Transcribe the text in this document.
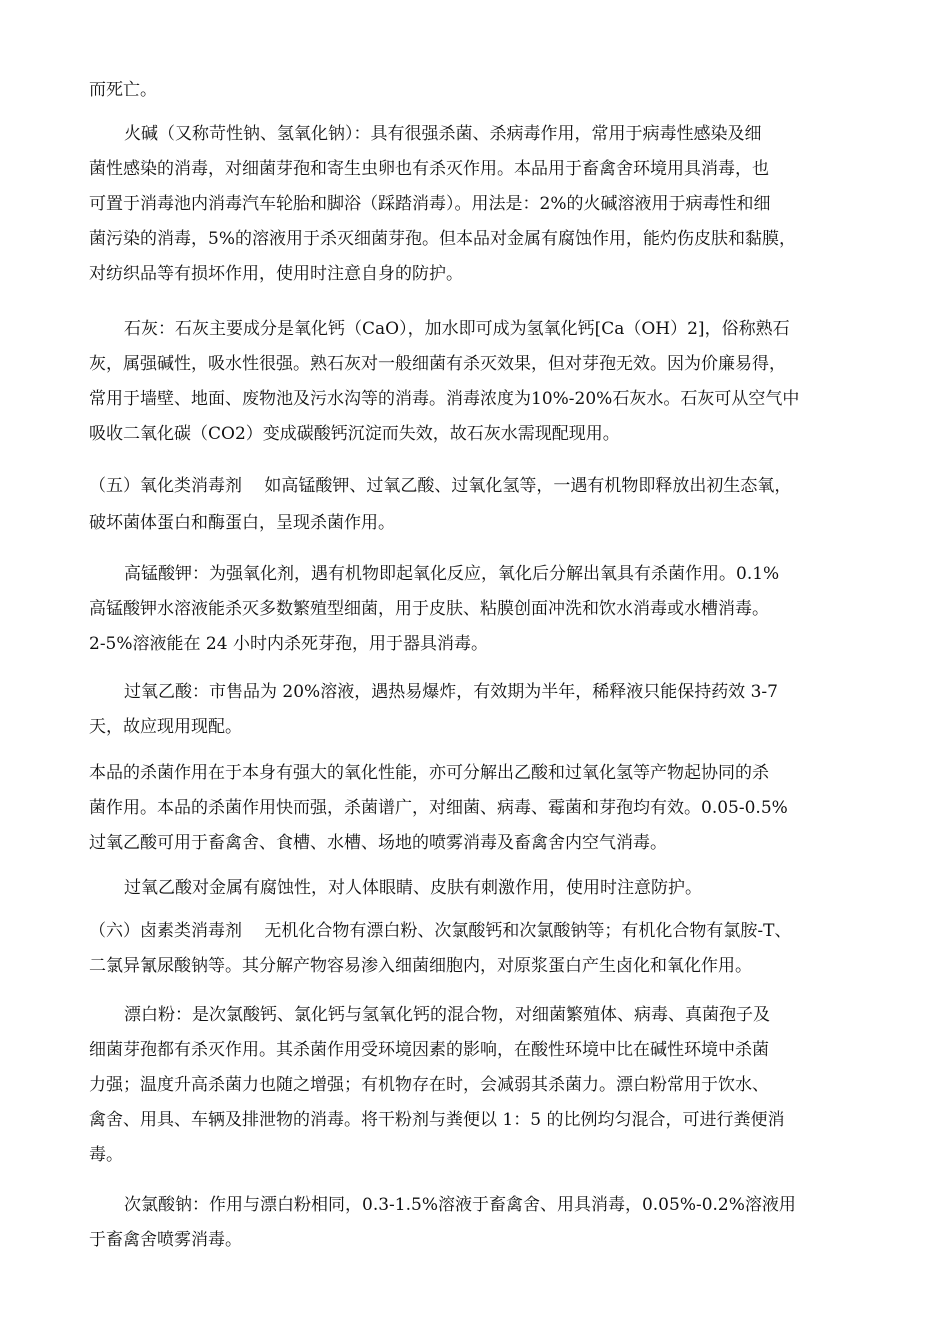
而死亡。
火碱（又称苛性钠、氢氧化钠）：具有很强杀菌、杀病毒作用，常用于病毒性感染及细
菌性感染的消毒，对细菌芽孢和寄生虫卵也有杀灭作用。本品用于畜禽舍环境用具消毒，也
可置于消毒池内消毒汽车轮胎和脚浴（踩踏消毒）。用法是：2%的火碱溶液用于病毒性和细
菌污染的消毒，5%的溶液用于杀灭细菌芽孢。但本品对金属有腐蚀作用，能灼伤皮肤和黏膜，
对纺织品等有损坏作用，使用时注意自身的防护。
石灰：石灰主要成分是氧化钙（CaO），加水即可成为氢氧化钙[Ca（OH）2]，俗称熟石
灰，属强碱性，吸水性很强。熟石灰对一般细菌有杀灭效果，但对芽孢无效。因为价廉易得，
常用于墙壁、地面、废物池及污水沟等的消毒。消毒浓度为10%-20%石灰水。石灰可从空气中
吸收二氧化碳（CO2）变成碳酸钙沉淀而失效，故石灰水需现配现用。
（五）氧化类消毒剂　 如高锰酸钾、过氧乙酸、过氧化氢等，一遇有机物即释放出初生态氧，
破坏菌体蛋白和酶蛋白，呈现杀菌作用。
高锰酸钾：为强氧化剂，遇有机物即起氧化反应，氧化后分解出氧具有杀菌作用。0.1%
高锰酸钾水溶液能杀灭多数繁殖型细菌，用于皮肤、粘膜创面冲洗和饮水消毒或水槽消毒。
2-5%溶液能在 24 小时内杀死芽孢，用于器具消毒。
过氧乙酸：市售品为 20%溶液，遇热易爆炸，有效期为半年，稀释液只能保持药效 3-7
天，故应现用现配。
本品的杀菌作用在于本身有强大的氧化性能，亦可分解出乙酸和过氧化氢等产物起协同的杀
菌作用。本品的杀菌作用快而强，杀菌谱广，对细菌、病毒、霉菌和芽孢均有效。0.05-0.5%
过氧乙酸可用于畜禽舍、食槽、水槽、场地的喷雾消毒及畜禽舍内空气消毒。
过氧乙酸对金属有腐蚀性，对人体眼睛、皮肤有刺激作用，使用时注意防护。
（六）卤素类消毒剂　 无机化合物有漂白粉、次氯酸钙和次氯酸钠等；有机化合物有氯胺-T、
二氯异氰尿酸钠等。其分解产物容易渗入细菌细胞内，对原浆蛋白产生卤化和氧化作用。
漂白粉：是次氯酸钙、氯化钙与氢氧化钙的混合物，对细菌繁殖体、病毒、真菌孢子及
细菌芽孢都有杀灭作用。其杀菌作用受环境因素的影响，在酸性环境中比在碱性环境中杀菌
力强；温度升高杀菌力也随之增强；有机物存在时，会减弱其杀菌力。漂白粉常用于饮水、
禽舍、用具、车辆及排泄物的消毒。将干粉剂与粪便以 1：5 的比例均匀混合，可进行粪便消
毒。
次氯酸钠：作用与漂白粉相同，0.3-1.5%溶液于畜禽舍、用具消毒，0.05%-0.2%溶液用
于畜禽舍喷雾消毒。
